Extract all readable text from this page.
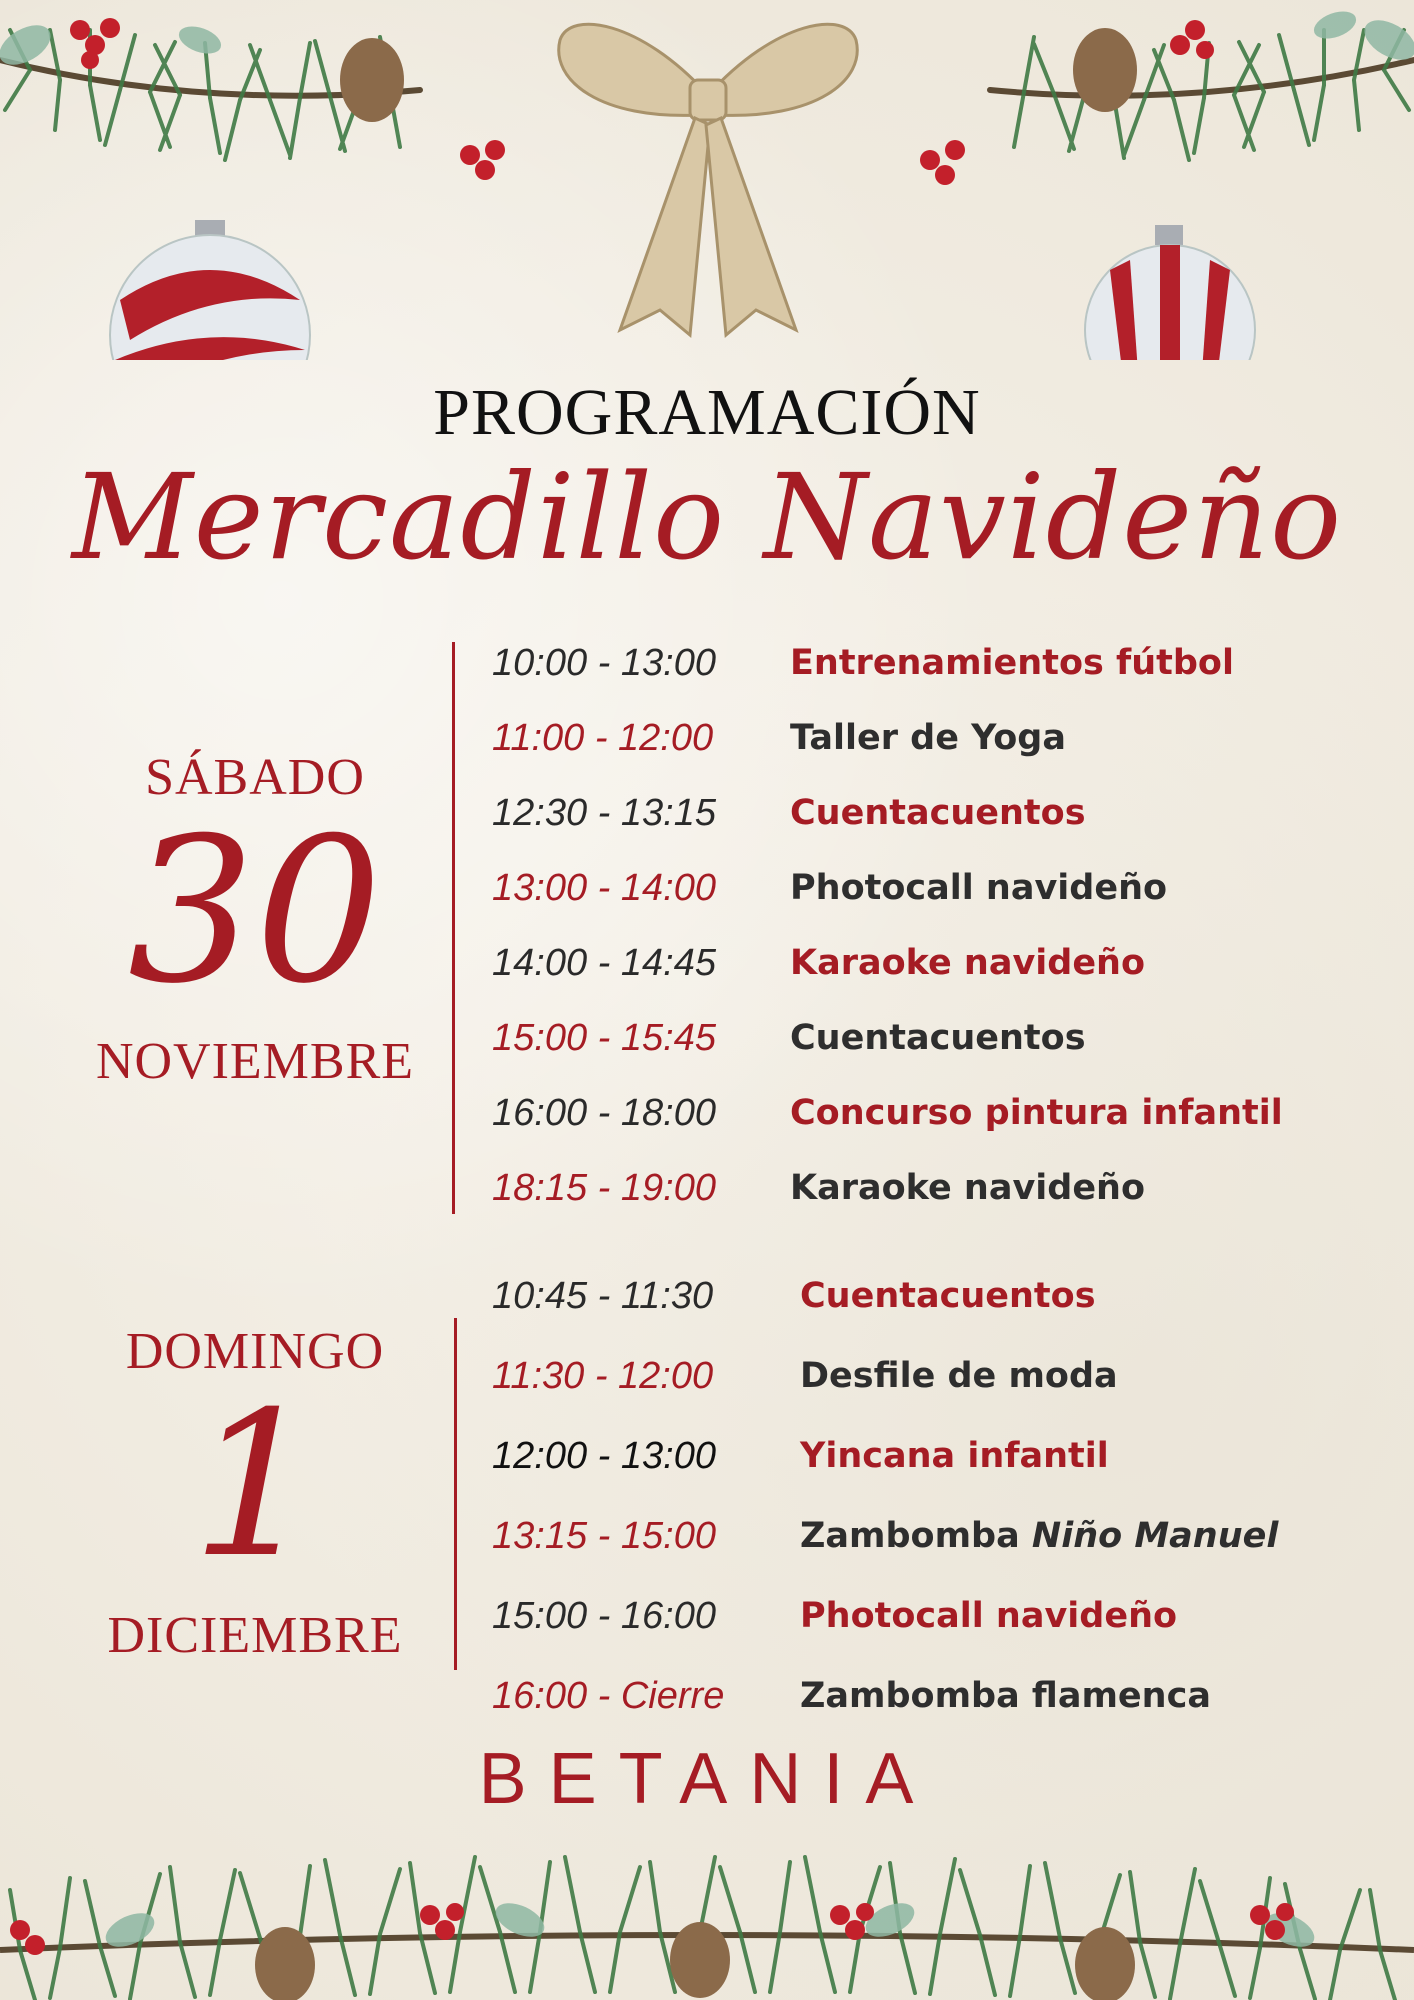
PROGRAMACIÓN
Mercadillo Navideño
SÁBADO
30
NOVIEMBRE
10:00 - 13:00	Entrenamientos fútbol
11:00 - 12:00	Taller de Yoga
12:30 - 13:15	Cuentacuentos
13:00 - 14:00	Photocall navideño
14:00 - 14:45	Karaoke navideño
15:00 - 15:45	Cuentacuentos
16:00 - 18:00	Concurso pintura infantil
18:15 - 19:00	Karaoke navideño
DOMINGO
1
DICIEMBRE
10:45 - 11:30	Cuentacuentos
11:30 - 12:00	Desfile de moda
12:00 - 13:00	Yincana infantil
13:15 - 15:00	Zambomba Niño Manuel
15:00 - 16:00	Photocall navideño
16:00 - Cierre	Zambomba flamenca
BETANIA
